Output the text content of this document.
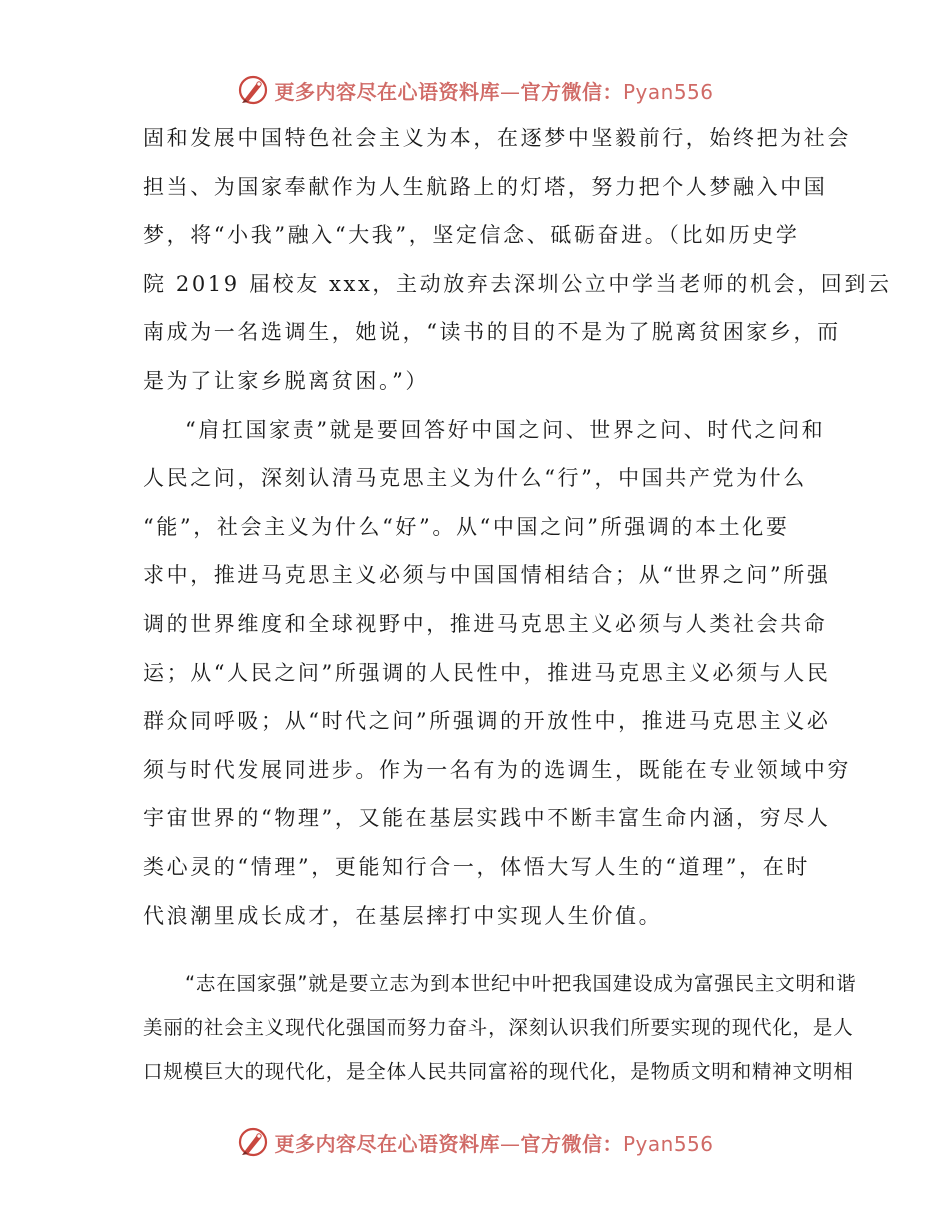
更多内容尽在心语资料库—官方微信：Pyan556

固和发展中国特色社会主义为本，在逐梦中坚毅前行，始终把为社会

担当、为国家奉献作为人生航路上的灯塔，努力把个人梦融入中国

梦，将“小我”融入“大我”，坚定信念、砥砺奋进。（比如历史学

院 2019 届校友 xxx，主动放弃去深圳公立中学当老师的机会，回到云

南成为一名选调生，她说，“读书的目的不是为了脱离贫困家乡，而

是为了让家乡脱离贫困。”）

“肩扛国家责”就是要回答好中国之问、世界之问、时代之问和

人民之问，深刻认清马克思主义为什么“行”，中国共产党为什么

“能”，社会主义为什么“好”。从“中国之问”所强调的本土化要

求中，推进马克思主义必须与中国国情相结合；从“世界之问”所强

调的世界维度和全球视野中，推进马克思主义必须与人类社会共命

运；从“人民之问”所强调的人民性中，推进马克思主义必须与人民

群众同呼吸；从“时代之问”所强调的开放性中，推进马克思主义必

须与时代发展同进步。作为一名有为的选调生，既能在专业领域中穷

宇宙世界的“物理”，又能在基层实践中不断丰富生命内涵，穷尽人

类心灵的“情理”，更能知行合一，体悟大写人生的“道理”，在时

代浪潮里成长成才，在基层摔打中实现人生价值。

“志在国家强”就是要立志为到本世纪中叶把我国建设成为富强民主文明和谐

美丽的社会主义现代化强国而努力奋斗，深刻认识我们所要实现的现代化，是人

口规模巨大的现代化，是全体人民共同富裕的现代化，是物质文明和精神文明相

更多内容尽在心语资料库—官方微信：Pyan556
